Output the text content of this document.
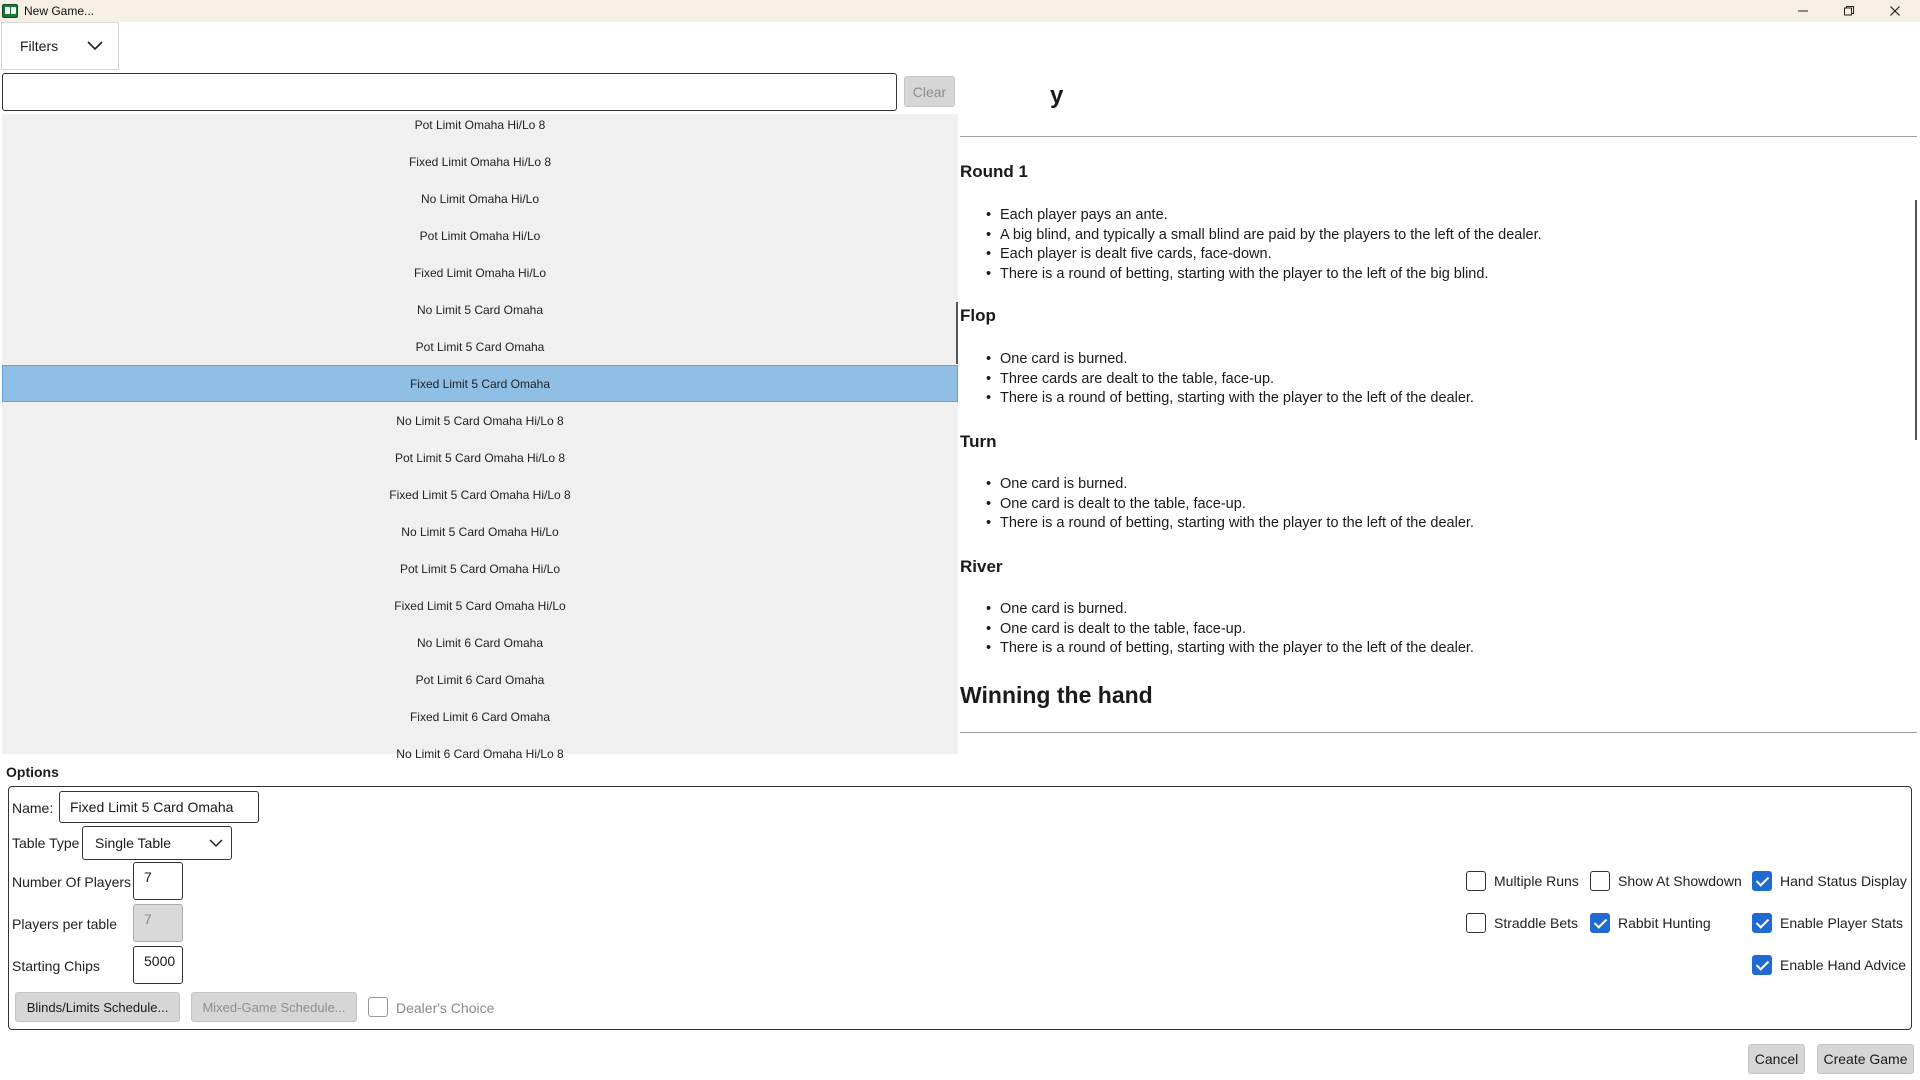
New Game...
Filters
Clear
No Limit 6 Card Omaha Hi/Lo 8
Fixed Limit 6 Card Omaha
Pot Limit 6 Card Omaha
No Limit 6 Card Omaha
Fixed Limit 5 Card Omaha Hi/Lo
Pot Limit 5 Card Omaha Hi/Lo
No Limit 5 Card Omaha Hi/Lo
Fixed Limit 5 Card Omaha Hi/Lo 8
Pot Limit 5 Card Omaha Hi/Lo 8
No Limit 5 Card Omaha Hi/Lo 8
Fixed Limit 5 Card Omaha
Pot Limit 5 Card Omaha
No Limit 5 Card Omaha
Fixed Limit Omaha Hi/Lo
Pot Limit Omaha Hi/Lo
No Limit Omaha Hi/Lo
Fixed Limit Omaha Hi/Lo 8
Pot Limit Omaha Hi/Lo 8
y
Round 1
• Each player pays an ante.
• A big blind, and typically a small blind are paid by the players to the left of the dealer.
• Each player is dealt five cards, face-down.
• There is a round of betting, starting with the player to the left of the big blind.
Flop
• One card is burned.
• Three cards are dealt to the table, face-up.
• There is a round of betting, starting with the player to the left of the dealer.
Turn
• One card is burned.
• One card is dealt to the table, face-up.
• There is a round of betting, starting with the player to the left of the dealer.
River
• One card is burned.
• One card is dealt to the table, face-up.
• There is a round of betting, starting with the player to the left of the dealer.
Winning the hand
Options
Name:	Fixed Limit 5 Card Omaha
Table Type Single Table
Number Of Players 7
Players per table	7
Starting Chips	5000
Blinds/Limits Schedule...	Mixed-Game Schedule...	Dealer's Choice
Multiple Runs	Show At Showdown	Hand Status Display
Straddle Bets	Rabbit Hunting	Enable Player Stats
Enable Hand Advice
Cancel	Create Game
